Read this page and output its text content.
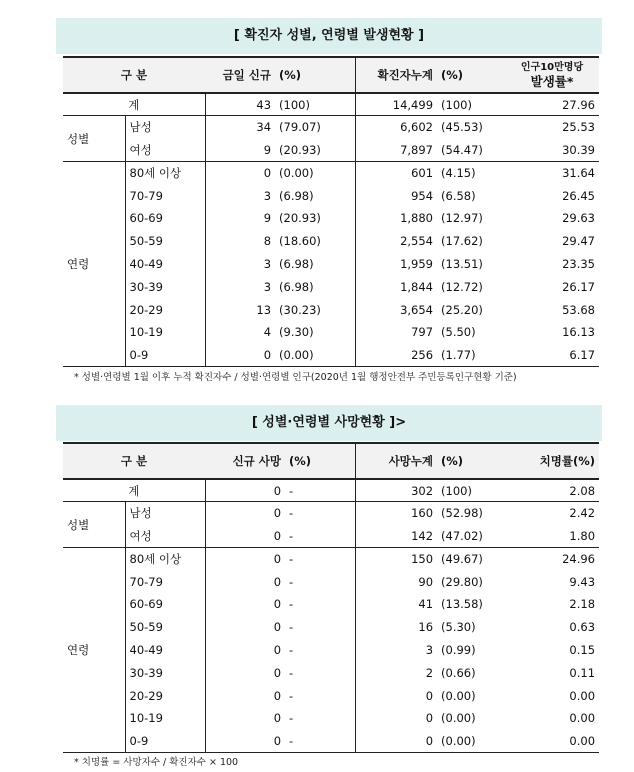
[ 확진자 성별, 연령별 발생현황 ]
구 분		금일 신규	(%)	확진자누계	(%)	인구10만명당
발생률*

계		43	(100)	14,499	(100)	27.96
성별	남성	34	(79.07)	6,602	(45.53)	25.53
	여성	9	(20.93)	7,897	(54.47)	30.39
연령	80세 이상	0	(0.00)	601	(4.15)	31.64
	70-79	3	(6.98)	954	(6.58)	26.45
	60-69	9	(20.93)	1,880	(12.97)	29.63
	50-59	8	(18.60)	2,554	(17.62)	29.47
	40-49	3	(6.98)	1,959	(13.51)	23.35
	30-39	3	(6.98)	1,844	(12.72)	26.17
	20-29	13	(30.23)	3,654	(25.20)	53.68
	10-19	4	(9.30)	797	(5.50)	16.13
	0-9	0	(0.00)	256	(1.77)	6.17
* 성별·연령별 1월 이후 누적 확진자수 / 성별·연령별 인구(2020년 1월 행정안전부 주민등록인구현황 기준)
[ 성별·연령별 사망현황 ]>
구 분		신규 사망	(%)	사망누계	(%)	치명률(%)
계		0	-	302	(100)	2.08
성별	남성	0	-	160	(52.98)	2.42
	여성	0	-	142	(47.02)	1.80
연령	80세 이상	0	-	150	(49.67)	24.96
	70-79	0	-	90	(29.80)	9.43
	60-69	0	-	41	(13.58)	2.18
	50-59	0	-	16	(5.30)	0.63
	40-49	0	-	3	(0.99)	0.15
	30-39	0	-	2	(0.66)	0.11
	20-29	0	-	0	(0.00)	0.00
	10-19	0	-	0	(0.00)	0.00
	0-9	0	-	0	(0.00)	0.00
* 치명률 = 사망자수 / 확진자수 × 100
